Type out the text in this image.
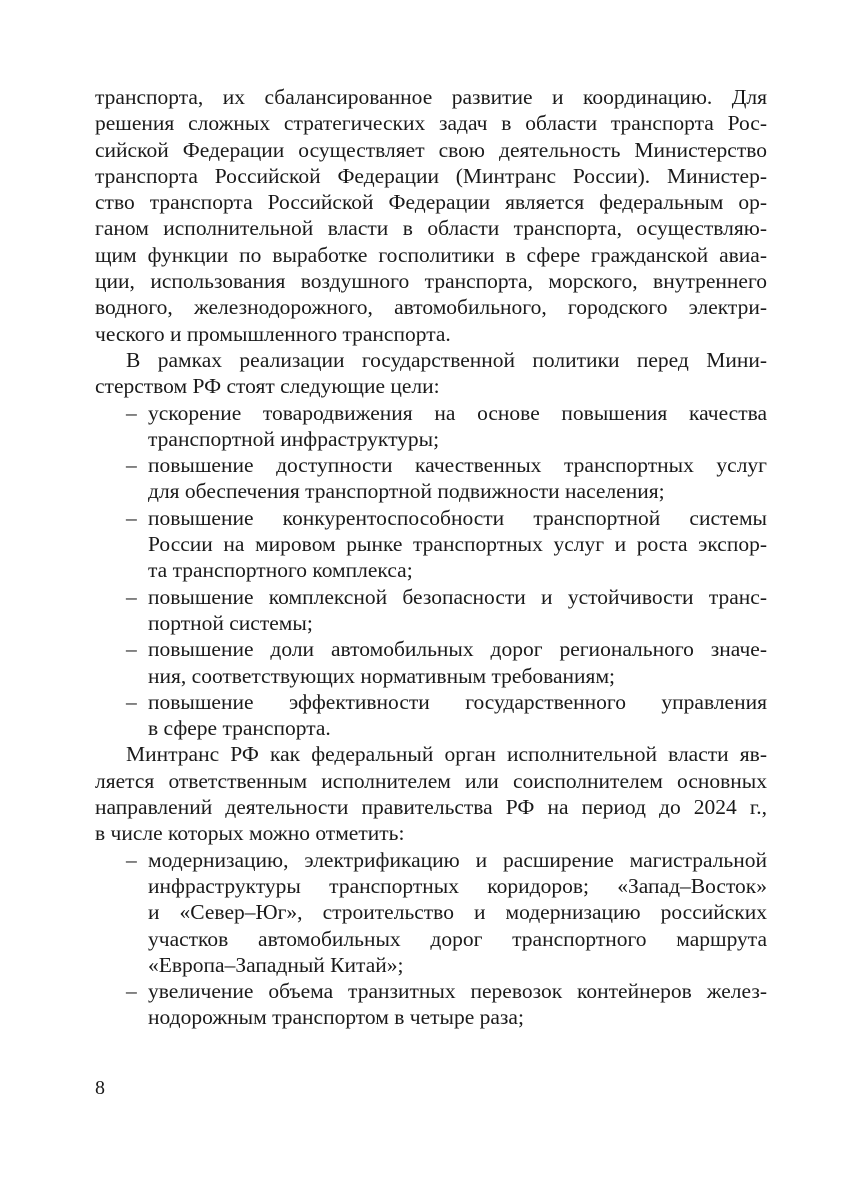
транспорта, их сбалансированное развитие и координацию. Для
решения сложных стратегических задач в области транспорта Рос-
сийской Федерации осуществляет свою деятельность Министерство
транспорта Российской Федерации (Минтранс России). Министер-
ство транспорта Российской Федерации является федеральным ор-
ганом исполнительной власти в области транспорта, осуществляю-
щим функции по выработке госполитики в сфере гражданской авиа-
ции, использования воздушного транспорта, морского, внутреннего
водного, железнодорожного, автомобильного, городского электри-
ческого и промышленного транспорта.
В рамках реализации государственной политики перед Мини-
стерством РФ стоят следующие цели:
– ускорение товародвижения на основе повышения качества
транспортной инфраструктуры;
– повышение доступности качественных транспортных услуг
для обеспечения транспортной подвижности населения;
– повышение конкурентоспособности транспортной системы
России на мировом рынке транспортных услуг и роста экспор-
та транспортного комплекса;
– повышение комплексной безопасности и устойчивости транс-
портной системы;
– повышение доли автомобильных дорог регионального значе-
ния, соответствующих нормативным требованиям;
– повышение эффективности государственного управления
в сфере транспорта.
Минтранс РФ как федеральный орган исполнительной власти яв-
ляется ответственным исполнителем или соисполнителем основных
направлений деятельности правительства РФ на период до 2024 г.,
в числе которых можно отметить:
– модернизацию, электрификацию и расширение магистральной
инфраструктуры транспортных коридоров; «Запад–Восток»
и «Север–Юг», строительство и модернизацию российских
участков автомобильных дорог транспортного маршрута
«Европа–Западный Китай»;
– увеличение объема транзитных перевозок контейнеров желез-
нодорожным транспортом в четыре раза;
8
